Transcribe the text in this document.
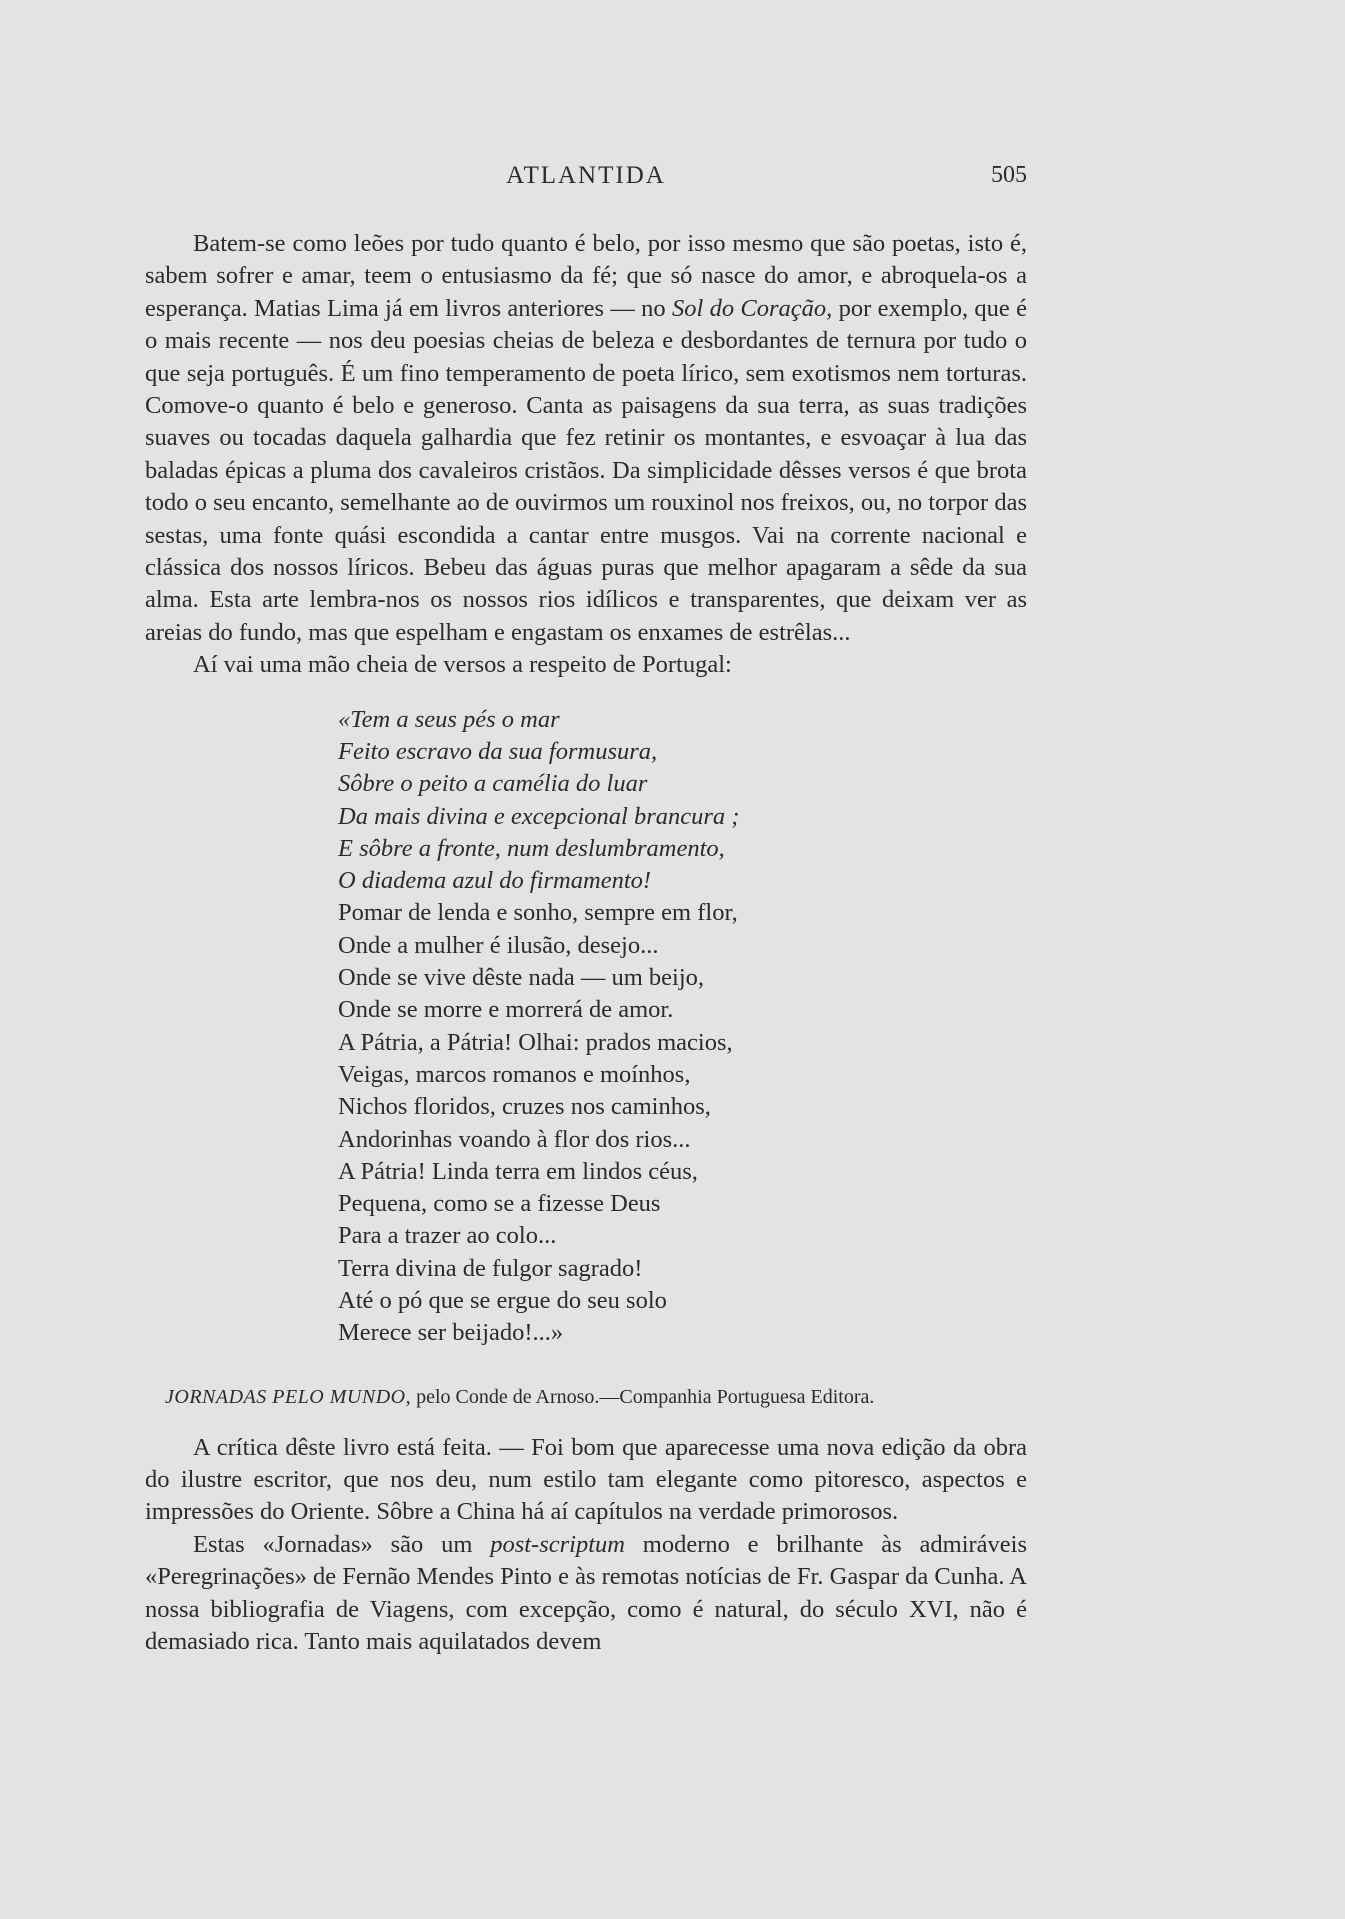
ATLANTIDA	505

Batem-se como leões por tudo quanto é belo, por isso mesmo que são poetas, isto é, sabem sofrer e amar, teem o entusiasmo da fé; que só nasce do amor, e abroquela-os a esperança. Matias Lima já em livros anteriores — no Sol do Coração, por exemplo, que é o mais recente — nos deu poesias cheias de beleza e desbordantes de ternura por tudo o que seja português. É um fino temperamento de poeta lírico, sem exotismos nem torturas. Comove-o quanto é belo e generoso. Canta as paisagens da sua terra, as suas tradições suaves ou tocadas daquela galhardia que fez retinir os montantes, e esvoaçar à lua das baladas épicas a pluma dos cavaleiros cristãos. Da simplicidade dêsses versos é que brota todo o seu encanto, semelhante ao de ouvirmos um rouxinol nos freixos, ou, no torpor das sestas, uma fonte quási escondida a cantar entre musgos. Vai na corrente nacional e clássica dos nossos líricos. Bebeu das águas puras que melhor apagaram a sêde da sua alma. Esta arte lembra-nos os nossos rios idílicos e transparentes, que deixam ver as areias do fundo, mas que espelham e engastam os enxames de estrêlas...

Aí vai uma mão cheia de versos a respeito de Portugal:

«Tem a seus pés o mar
Feito escravo da sua formusura,
Sôbre o peito a camélia do luar
Da mais divina e excepcional brancura ;
E sôbre a fronte, num deslumbramento,
O diadema azul do firmamento!
Pomar de lenda e sonho, sempre em flor,
Onde a mulher é ilusão, desejo...
Onde se vive dêste nada — um beijo,
Onde se morre e morrerá de amor.
A Pátria, a Pátria! Olhai: prados macios,
Veigas, marcos romanos e moínhos,
Nichos floridos, cruzes nos caminhos,
Andorinhas voando à flor dos rios...
A Pátria! Linda terra em lindos céus,
Pequena, como se a fizesse Deus
Para a trazer ao colo...
Terra divina de fulgor sagrado!
Até o pó que se ergue do seu solo
Merece ser beijado!...»
JORNADAS PELO MUNDO, pelo Conde de Arnoso.—Companhia Portuguesa Editora.

A crítica dêste livro está feita. — Foi bom que aparecesse uma nova edição da obra do ilustre escritor, que nos deu, num estilo tam elegante como pitoresco, aspectos e impressões do Oriente. Sôbre a China há aí capítulos na verdade primorosos.

Estas «Jornadas» são um post-scriptum moderno e brilhante às admiráveis «Peregrinações» de Fernão Mendes Pinto e às remotas notícias de Fr. Gaspar da Cunha. A nossa bibliografia de Viagens, com excepção, como é natural, do século XVI, não é demasiado rica. Tanto mais aquilatados devem
